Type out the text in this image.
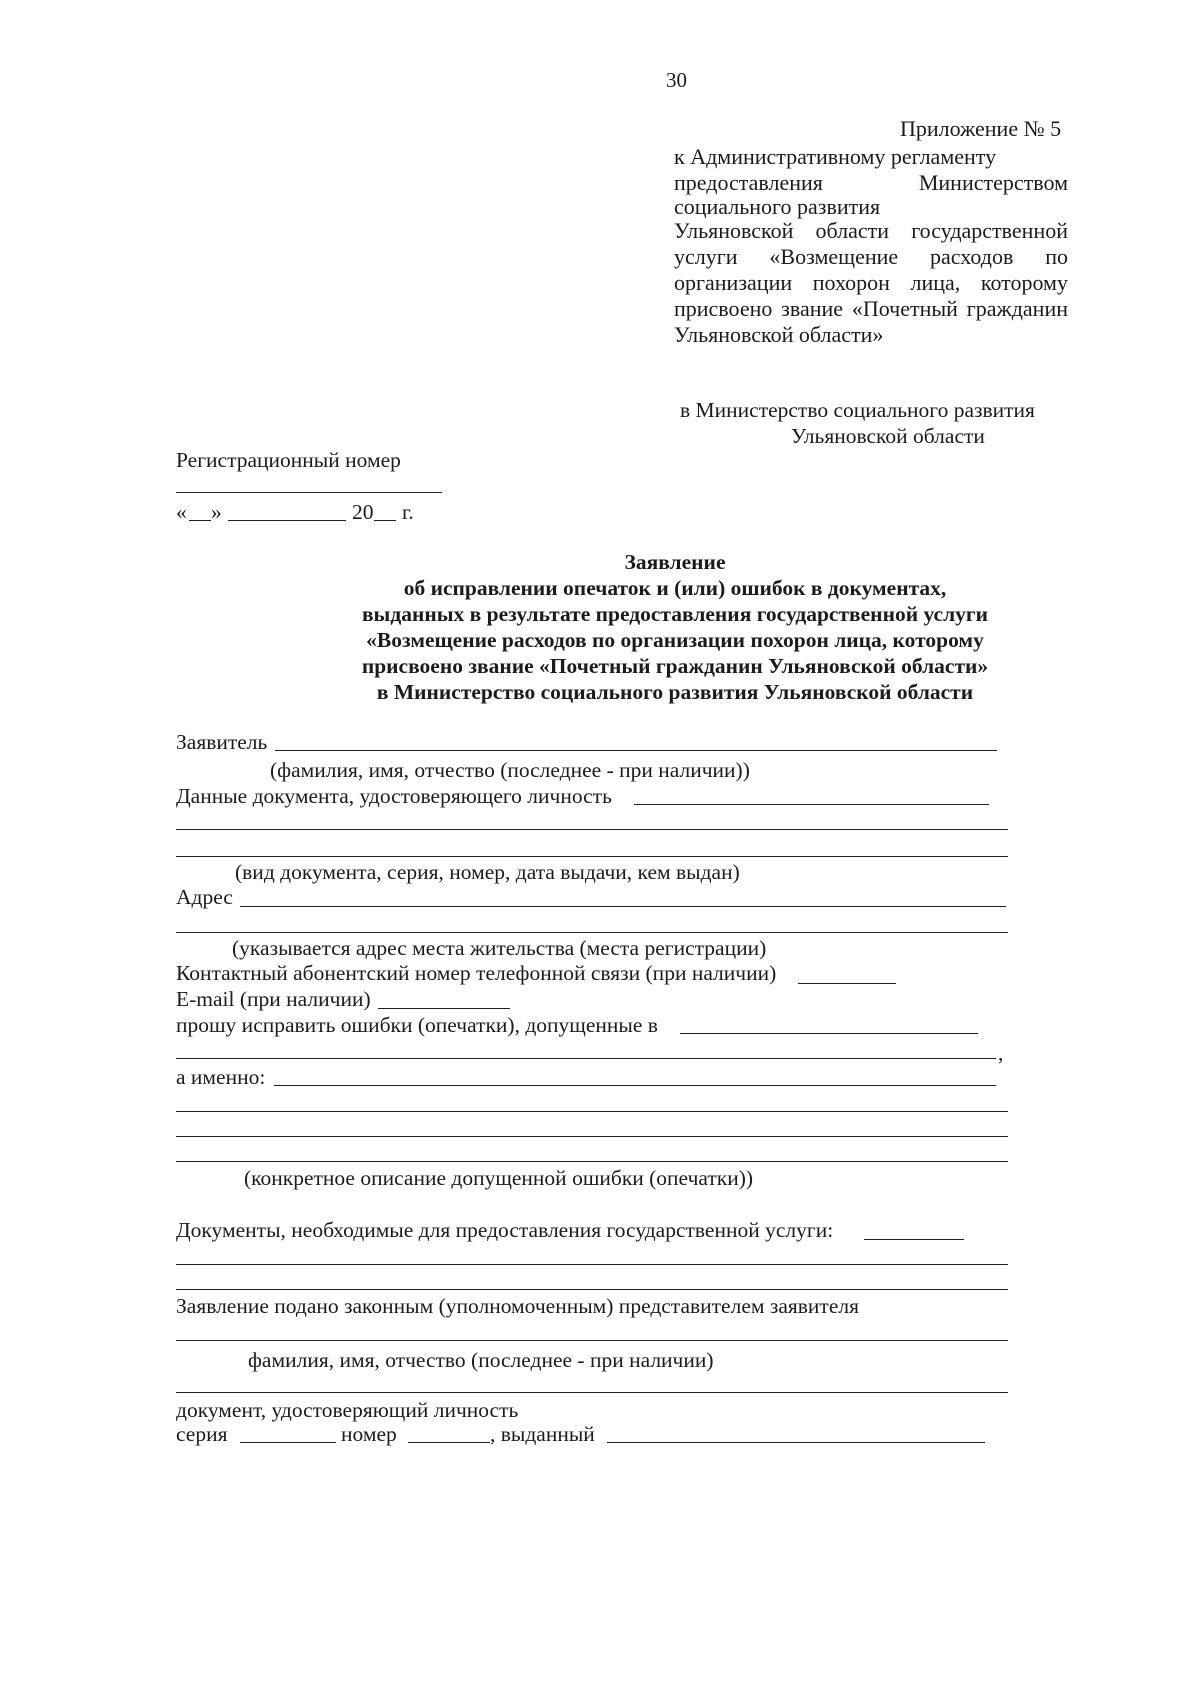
30
Приложение № 5
к Административному регламенту
предоставления	Министерством
социального развития
Ульяновской области государственной
услуги «Возмещение расходов по
организации похорон лица, которому
присвоено звание «Почетный гражданин
Ульяновской области»
в Министерство социального развития
Ульяновской области
Регистрационный номер
« »	20 г.
Заявление
об исправлении опечаток и (или) ошибок в документах,
выданных в результате предоставления государственной услуги
«Возмещение расходов по организации похорон лица, которому
присвоено звание «Почетный гражданин Ульяновской области»
в Министерство социального развития Ульяновской области
Заявитель
(фамилия, имя, отчество (последнее - при наличии))
Данные документа, удостоверяющего личность
(вид документа, серия, номер, дата выдачи, кем выдан)
Адрес
(указывается адрес места жительства (места регистрации)
Контактный абонентский номер телефонной связи (при наличии)
E-mail (при наличии)
прошу исправить ошибки (опечатки), допущенные в
,
а именно:
(конкретное описание допущенной ошибки (опечатки))
Документы, необходимые для предоставления государственной услуги:
Заявление подано законным (уполномоченным) представителем заявителя
фамилия, имя, отчество (последнее - при наличии)
документ, удостоверяющий личность
серия	номер	, выданный
